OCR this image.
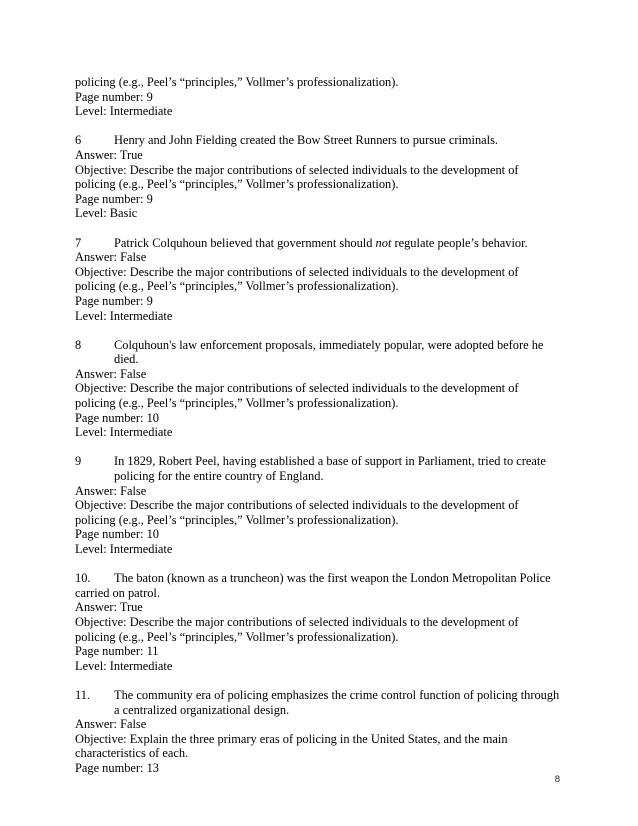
policing (e.g., Peel’s “principles,” Vollmer’s professionalization).
Page number: 9
Level: Intermediate
6	Henry and John Fielding created the Bow Street Runners to pursue criminals.
Answer: True
Objective: Describe the major contributions of selected individuals to the development of
policing (e.g., Peel’s “principles,” Vollmer’s professionalization).
Page number: 9
Level: Basic
7	Patrick Colquhoun believed that government should not regulate people’s behavior.
Answer: False
Objective: Describe the major contributions of selected individuals to the development of
policing (e.g., Peel’s “principles,” Vollmer’s professionalization).
Page number: 9
Level: Intermediate
8	Colquhoun's law enforcement proposals, immediately popular, were adopted before he
died.
Answer: False
Objective: Describe the major contributions of selected individuals to the development of
policing (e.g., Peel’s “principles,” Vollmer’s professionalization).
Page number: 10
Level: Intermediate
9	In 1829, Robert Peel, having established a base of support in Parliament, tried to create
policing for the entire country of England.
Answer: False
Objective: Describe the major contributions of selected individuals to the development of
policing (e.g., Peel’s “principles,” Vollmer’s professionalization).
Page number: 10
Level: Intermediate
10. The baton (known as a truncheon) was the first weapon the London Metropolitan Police
carried on patrol.
Answer: True
Objective: Describe the major contributions of selected individuals to the development of
policing (e.g., Peel’s “principles,” Vollmer’s professionalization).
Page number: 11
Level: Intermediate
11. The community era of policing emphasizes the crime control function of policing through
a centralized organizational design.
Answer: False
Objective: Explain the three primary eras of policing in the United States, and the main
characteristics of each.
Page number: 13
8
